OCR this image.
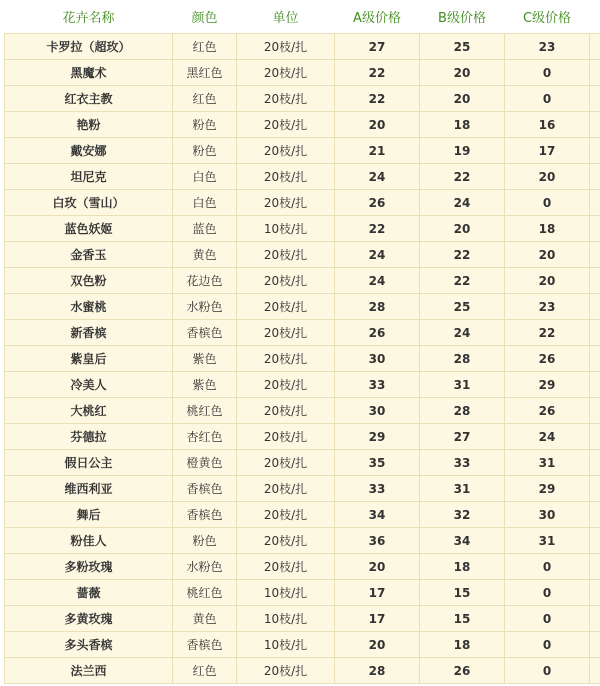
花卉名称	颜色	单位	A级价格	B级价格	C级价格	
卡罗拉（超玫）	红色	20枝/扎	27	25	23	
黑魔术	黑红色	20枝/扎	22	20	0	
红衣主教	红色	20枝/扎	22	20	0	
艳粉	粉色	20枝/扎	20	18	16	
戴安娜	粉色	20枝/扎	21	19	17	
坦尼克	白色	20枝/扎	24	22	20	
白玫（雪山）	白色	20枝/扎	26	24	0	
蓝色妖姬	蓝色	10枝/扎	22	20	18	
金香玉	黄色	20枝/扎	24	22	20	
双色粉	花边色	20枝/扎	24	22	20	
水蜜桃	水粉色	20枝/扎	28	25	23	
新香槟	香槟色	20枝/扎	26	24	22	
紫皇后	紫色	20枝/扎	30	28	26	
冷美人	紫色	20枝/扎	33	31	29	
大桃红	桃红色	20枝/扎	30	28	26	
芬德拉	杏红色	20枝/扎	29	27	24	
假日公主	橙黄色	20枝/扎	35	33	31	
维西利亚	香槟色	20枝/扎	33	31	29	
舞后	香槟色	20枝/扎	34	32	30	
粉佳人	粉色	20枝/扎	36	34	31	
多粉玫瑰	水粉色	20枝/扎	20	18	0	
蔷薇	桃红色	10枝/扎	17	15	0	
多黄玫瑰	黄色	10枝/扎	17	15	0	
多头香槟	香槟色	10枝/扎	20	18	0	
法兰西	红色	20枝/扎	28	26	0	
